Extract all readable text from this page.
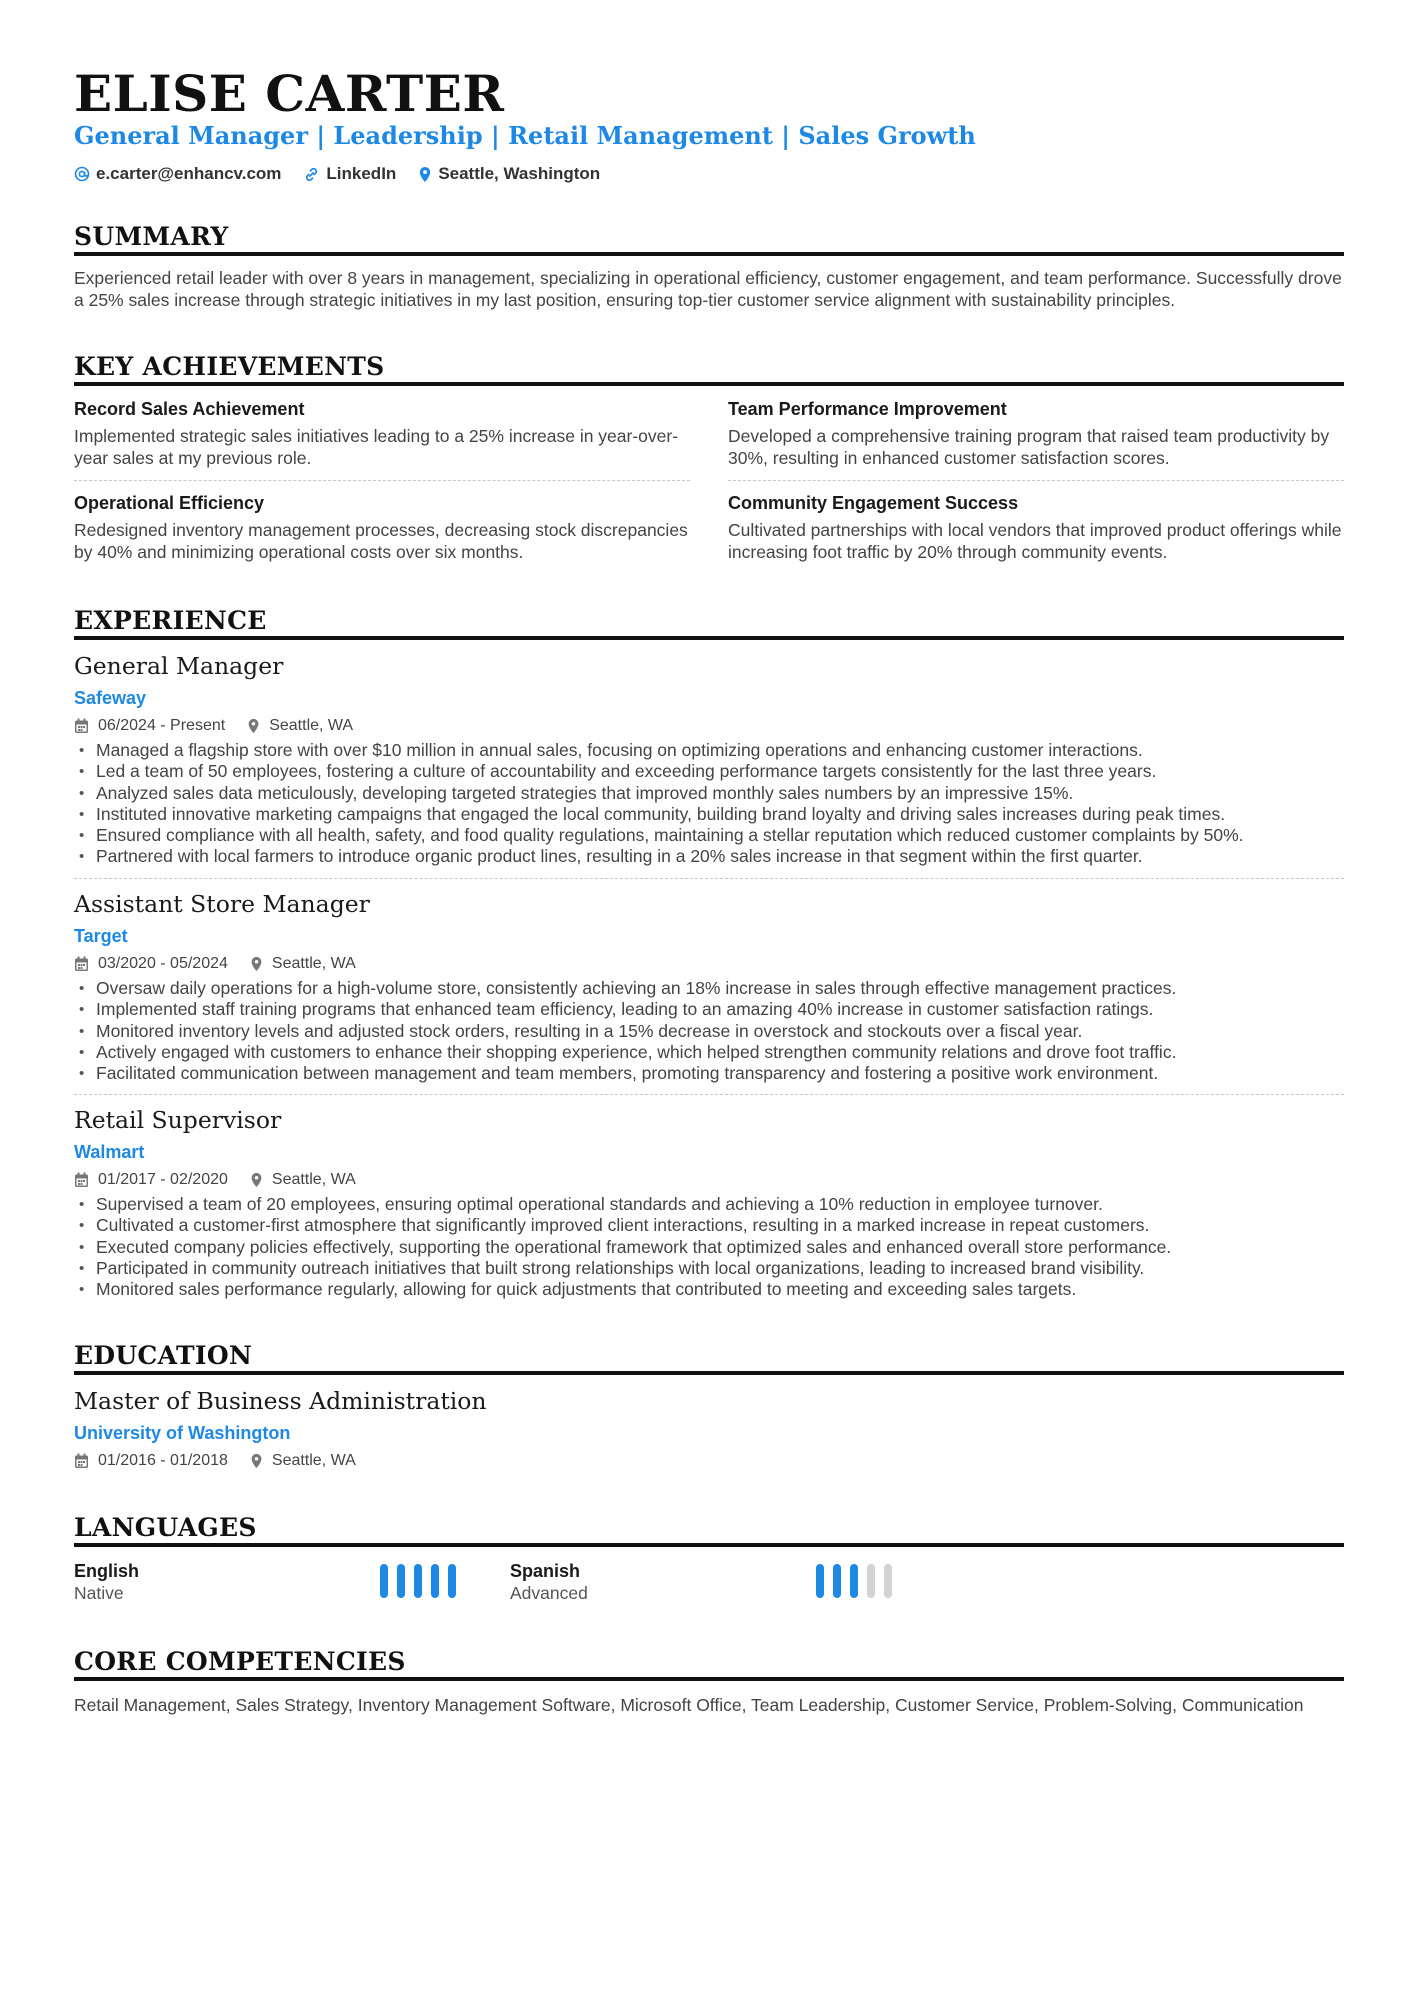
ELISE CARTER
General Manager | Leadership | Retail Management | Sales Growth
e.carter@enhancv.com	LinkedIn Seattle, Washington
SUMMARY
Experienced retail leader with over 8 years in management, specializing in operational efficiency, customer engagement, and team performance. Successfully drove a 25% sales increase through strategic initiatives in my last position, ensuring top-tier customer service alignment with sustainability principles.
KEY ACHIEVEMENTS
Record Sales Achievement
Implemented strategic sales initiatives leading to a 25% increase in year-over-year sales at my previous role.
Team Performance Improvement
Developed a comprehensive training program that raised team productivity by 30%, resulting in enhanced customer satisfaction scores.
Operational Efficiency
Redesigned inventory management processes, decreasing stock discrepancies by 40% and minimizing operational costs over six months.
Community Engagement Success
Cultivated partnerships with local vendors that improved product offerings while increasing foot traffic by 20% through community events.
EXPERIENCE
General Manager
Safeway
06/2024 - Present	Seattle, WA
• Managed a flagship store with over $10 million in annual sales, focusing on optimizing operations and enhancing customer interactions.
• Led a team of 50 employees, fostering a culture of accountability and exceeding performance targets consistently for the last three years.
• Analyzed sales data meticulously, developing targeted strategies that improved monthly sales numbers by an impressive 15%.
• Instituted innovative marketing campaigns that engaged the local community, building brand loyalty and driving sales increases during peak times.
• Ensured compliance with all health, safety, and food quality regulations, maintaining a stellar reputation which reduced customer complaints by 50%.
• Partnered with local farmers to introduce organic product lines, resulting in a 20% sales increase in that segment within the first quarter.
Assistant Store Manager
Target
03/2020 - 05/2024	Seattle, WA
• Oversaw daily operations for a high-volume store, consistently achieving an 18% increase in sales through effective management practices.
• Implemented staff training programs that enhanced team efficiency, leading to an amazing 40% increase in customer satisfaction ratings.
• Monitored inventory levels and adjusted stock orders, resulting in a 15% decrease in overstock and stockouts over a fiscal year.
• Actively engaged with customers to enhance their shopping experience, which helped strengthen community relations and drove foot traffic.
• Facilitated communication between management and team members, promoting transparency and fostering a positive work environment.
Retail Supervisor
Walmart
01/2017 - 02/2020	Seattle, WA
• Supervised a team of 20 employees, ensuring optimal operational standards and achieving a 10% reduction in employee turnover.
• Cultivated a customer-first atmosphere that significantly improved client interactions, resulting in a marked increase in repeat customers.
• Executed company policies effectively, supporting the operational framework that optimized sales and enhanced overall store performance.
• Participated in community outreach initiatives that built strong relationships with local organizations, leading to increased brand visibility.
• Monitored sales performance regularly, allowing for quick adjustments that contributed to meeting and exceeding sales targets.
EDUCATION
Master of Business Administration
University of Washington
01/2016 - 01/2018	Seattle, WA
LANGUAGES
English
Native
Spanish
Advanced
CORE COMPETENCIES
Retail Management, Sales Strategy, Inventory Management Software, Microsoft Office, Team Leadership, Customer Service, Problem-Solving, Communication
